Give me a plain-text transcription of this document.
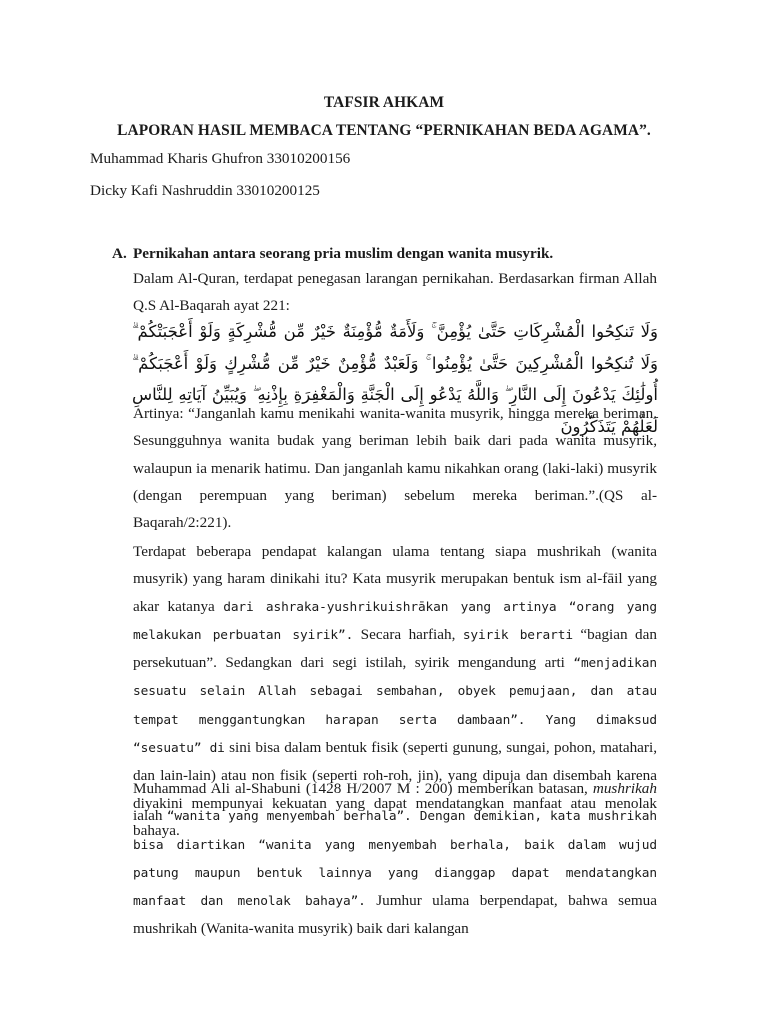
TAFSIR AHKAM
LAPORAN HASIL MEMBACA TENTANG “PERNIKAHAN BEDA AGAMA”.
Muhammad Kharis Ghufron 33010200156
Dicky Kafi Nashruddin 33010200125
A. Pernikahan antara seorang pria muslim dengan wanita musyrik.

Dalam Al-Quran, terdapat penegasan larangan pernikahan. Berdasarkan firman Allah Q.S Al-Baqarah ayat 221:

وَلَا تَنكِحُوا الْمُشْرِكَاتِ حَتَّىٰ يُؤْمِنَّ ۚ وَلَأَمَةٌ مُّؤْمِنَةٌ خَيْرٌ مِّن مُّشْرِكَةٍ وَلَوْ أَعْجَبَتْكُمْ ۗ وَلَا تُنكِحُوا الْمُشْرِكِينَ حَتَّىٰ يُؤْمِنُوا ۚ وَلَعَبْدٌ مُّؤْمِنٌ خَيْرٌ مِّن مُّشْرِكٍ وَلَوْ أَعْجَبَكُمْ ۗ أُولَٰئِكَ يَدْعُونَ إِلَى النَّارِ ۖ وَاللَّهُ يَدْعُو إِلَى الْجَنَّةِ وَالْمَغْفِرَةِ بِإِذْنِهِ ۖ وَيُبَيِّنُ آيَاتِهِ لِلنَّاسِ لَعَلَّهُمْ يَتَذَكَّرُونَ

Artinya: “Janganlah kamu menikahi wanita-wanita musyrik, hingga mereka beriman. Sesungguhnya wanita budak yang beriman lebih baik dari pada wanita musyrik, walaupun ia menarik hatimu. Dan janganlah kamu nikahkan orang (laki-laki) musyrik (dengan perempuan yang beriman) sebelum mereka beriman.”.(QS al-Baqarah/2:221).

Terdapat beberapa pendapat kalangan ulama tentang siapa mushrikah (wanita musyrik) yang haram dinikahi itu? Kata musyrik merupakan bentuk ism al-fāil yang akar katanya dari ashraka-yushrikuishrākan yang artinya “orang yang melakukan perbuatan syirik”. Secara harfiah, syirik berarti “bagian dan persekutuan”. Sedangkan dari segi istilah, syirik mengandung arti “menjadikan sesuatu selain Allah sebagai sembahan, obyek pemujaan, dan atau tempat menggantungkan harapan serta dambaan”. Yang dimaksud “sesuatu” di sini bisa dalam bentuk fisik (seperti gunung, sungai, pohon, matahari, dan lain-lain) atau non fisik (seperti roh-roh, jin), yang dipuja dan disembah karena diyakini mempunyai kekuatan yang dapat mendatangkan manfaat atau menolak bahaya.

Muhammad Ali al-Shabuni (1428 H/2007 M : 200) memberikan batasan, mushrikah ialah “wanita yang menyembah berhala”. Dengan demikian, kata mushrikah bisa diartikan “wanita yang menyembah berhala, baik dalam wujud patung maupun bentuk lainnya yang dianggap dapat mendatangkan manfaat dan menolak bahaya”. Jumhur ulama berpendapat, bahwa semua mushrikah (Wanita-wanita musyrik) baik dari kalangan
